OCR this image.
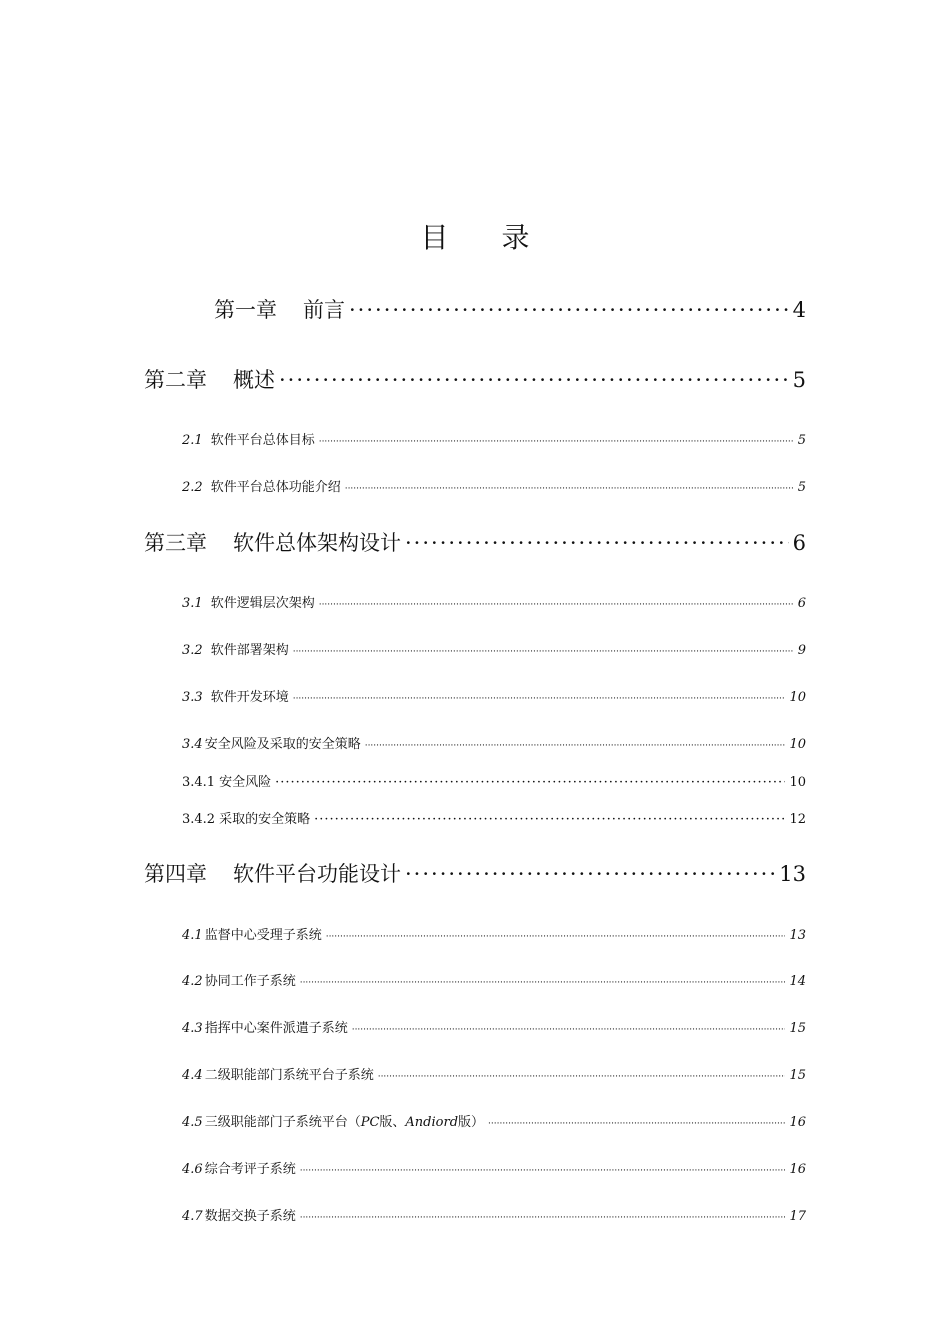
目 录
第一章 前言 ·····	4
第二章 概述 ·····	5
2.1 软件平台总体目标 ·····	5
2.2 软件平台总体功能介绍 ·····	5
第三章 软件总体架构设计 ·····	6
3.1 软件逻辑层次架构 ·····	6
3.2 软件部署架构 ·····	9
3.3 软件开发环境 ·····	10
3.4 安全风险及采取的安全策略 ·····	10
3.4.1 安全风险 ·····	10
3.4.2 采取的安全策略 ·····	12
第四章 软件平台功能设计 ·····	13
4.1 监督中心受理子系统 ·····	13
4.2 协同工作子系统 ·····	14
4.3 指挥中心案件派遣子系统 ·····	15
4.4 二级职能部门系统平台子系统 ·····	15
4.5 三级职能部门子系统平台（PC版、Andiord版） ·····	16
4.6 综合考评子系统 ·····	16
4.7 数据交换子系统 ·····	17
